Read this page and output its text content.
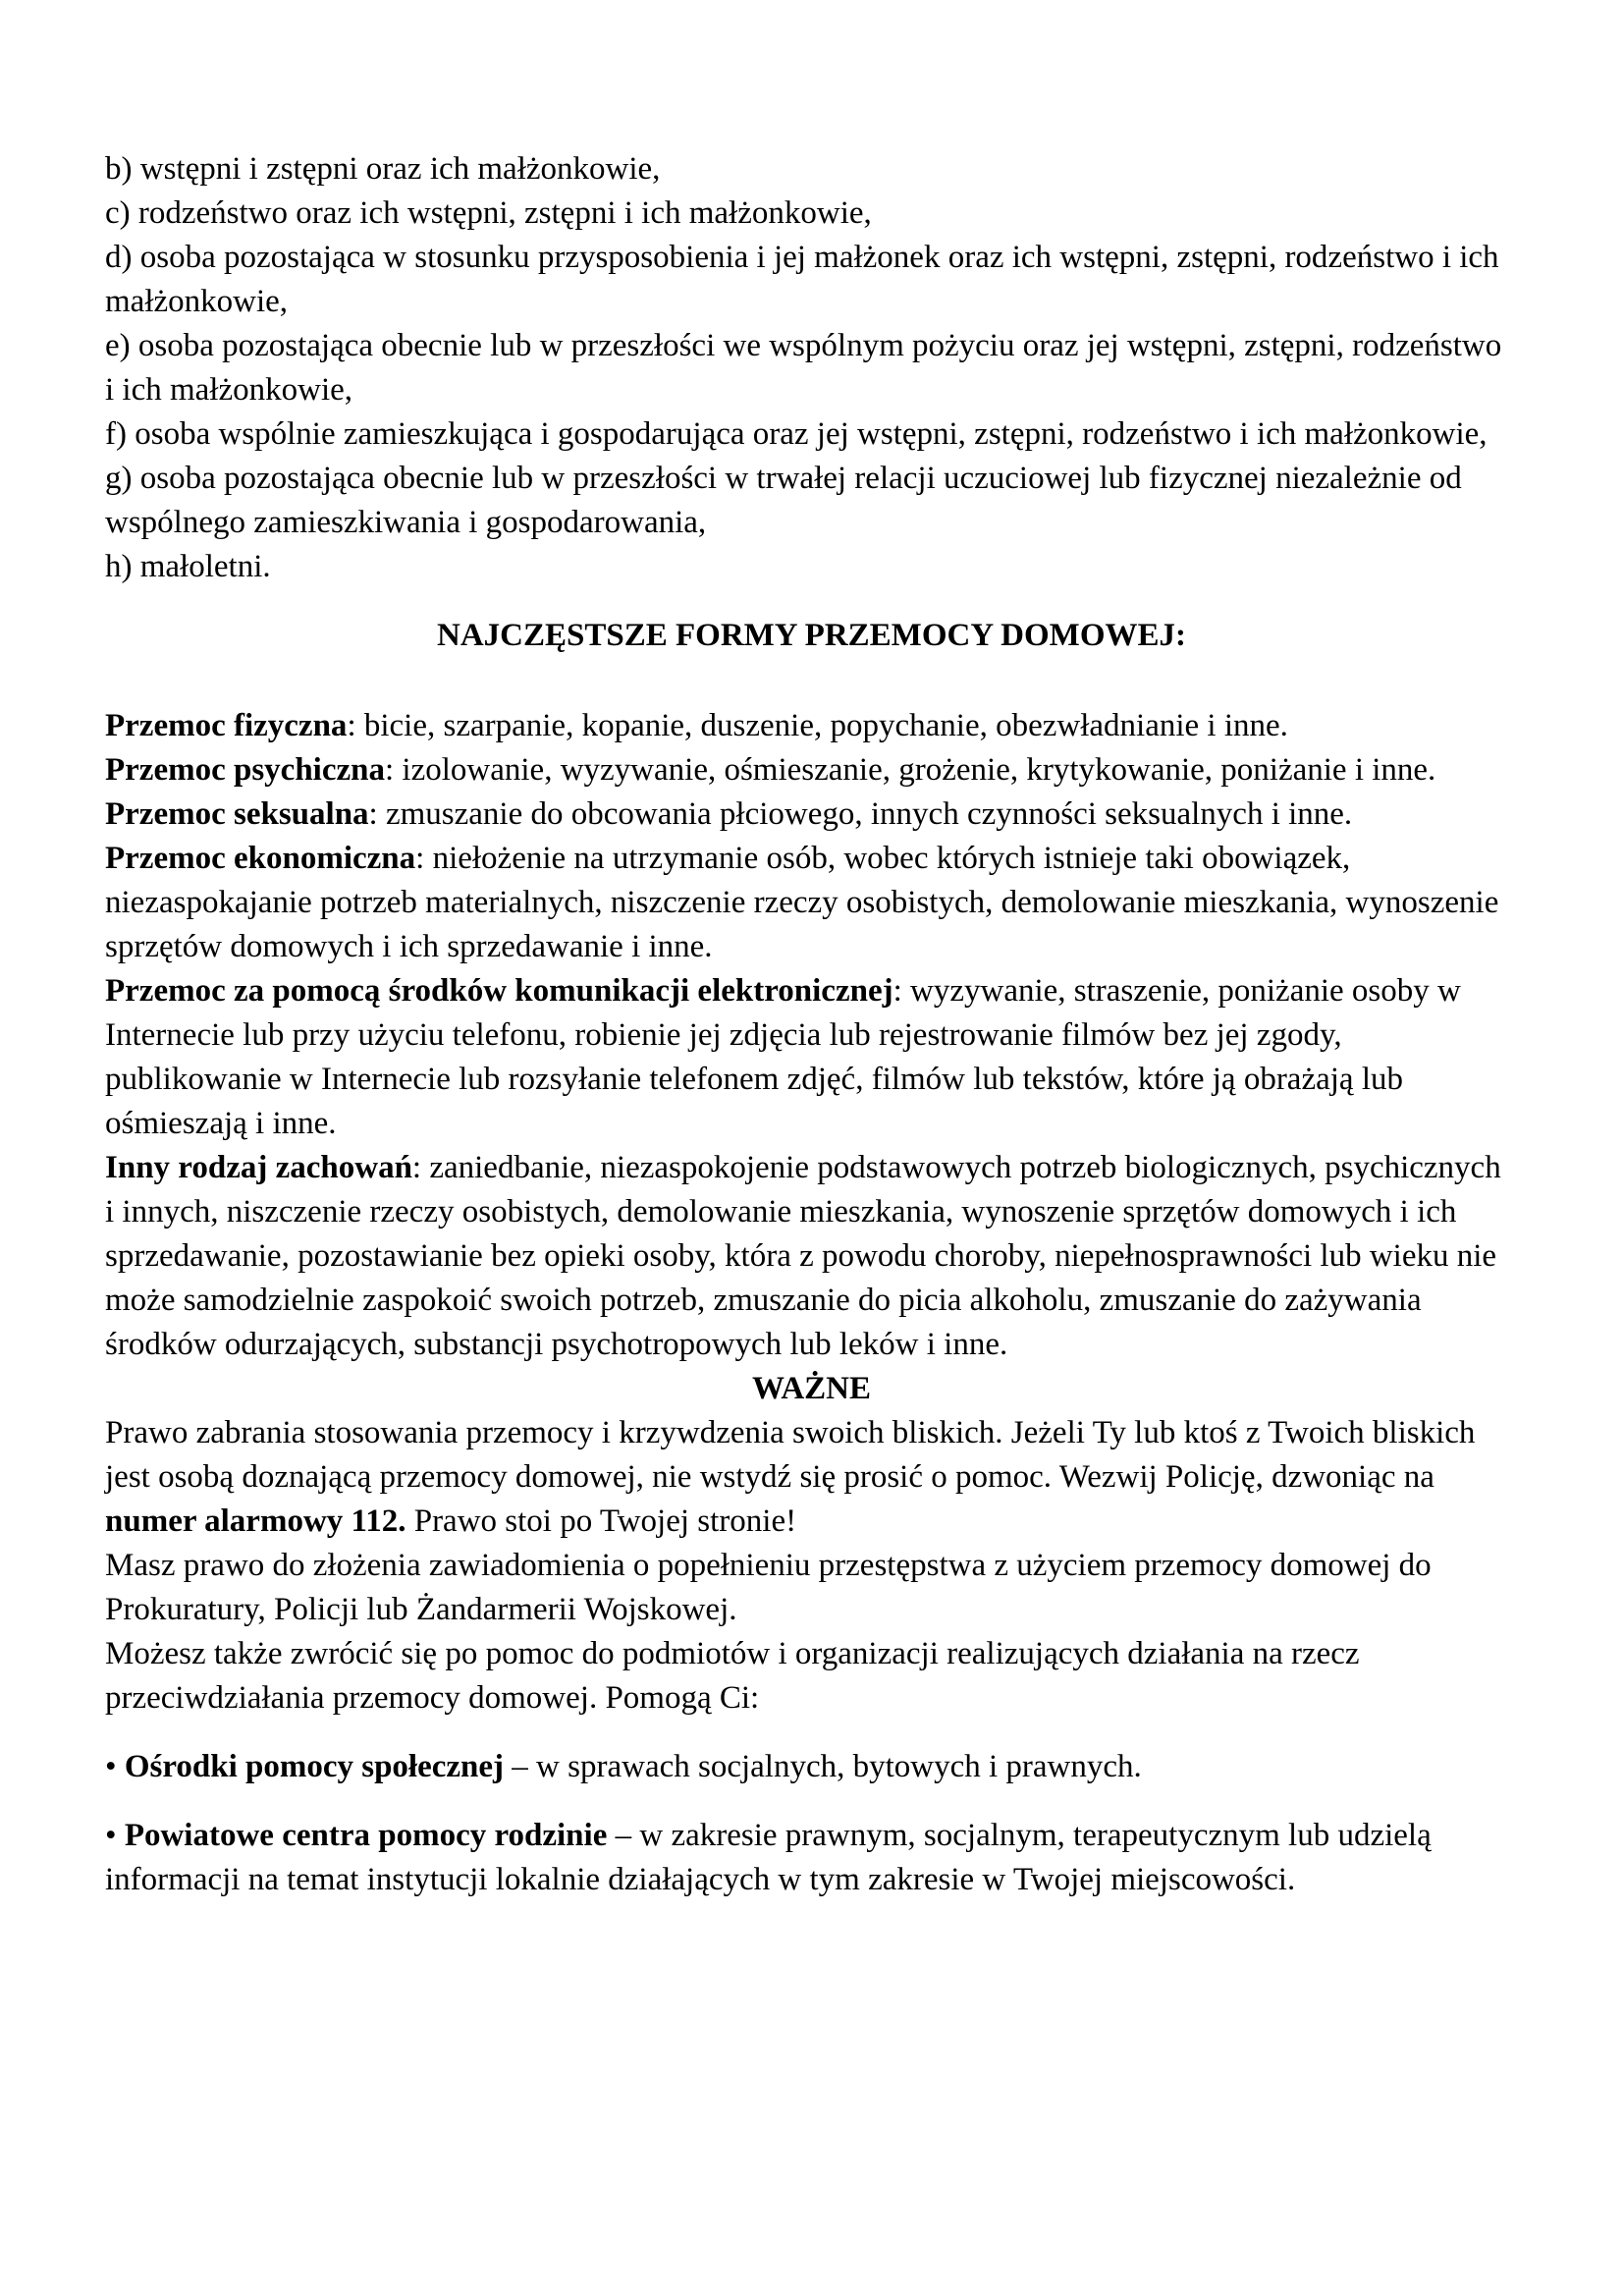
b) wstępni i zstępni oraz ich małżonkowie,

c) rodzeństwo oraz ich wstępni, zstępni i ich małżonkowie,

d) osoba pozostająca w stosunku przysposobienia i jej małżonek oraz ich wstępni, zstępni, rodzeństwo i ich małżonkowie,

e) osoba pozostająca obecnie lub w przeszłości we wspólnym pożyciu oraz jej wstępni, zstępni, rodzeństwo i ich małżonkowie,

f) osoba wspólnie zamieszkująca i gospodarująca oraz jej wstępni, zstępni, rodzeństwo i ich małżonkowie,

g) osoba pozostająca obecnie lub w przeszłości w trwałej relacji uczuciowej lub fizycznej niezależnie od wspólnego zamieszkiwania i gospodarowania,

h) małoletni.

NAJCZĘSTSZE FORMY PRZEMOCY DOMOWEJ:

Przemoc fizyczna: bicie, szarpanie, kopanie, duszenie, popychanie, obezwładnianie i inne.

Przemoc psychiczna: izolowanie, wyzywanie, ośmieszanie, grożenie, krytykowanie, poniżanie i inne.

Przemoc seksualna: zmuszanie do obcowania płciowego, innych czynności seksualnych i inne.

Przemoc ekonomiczna: niełożenie na utrzymanie osób, wobec których istnieje taki obowiązek, niezaspokajanie potrzeb materialnych, niszczenie rzeczy osobistych, demolowanie mieszkania, wynoszenie sprzętów domowych i ich sprzedawanie i inne.

Przemoc za pomocą środków komunikacji elektronicznej: wyzywanie, straszenie, poniżanie osoby w Internecie lub przy użyciu telefonu, robienie jej zdjęcia lub rejestrowanie filmów bez jej zgody, publikowanie w Internecie lub rozsyłanie telefonem zdjęć, filmów lub tekstów, które ją obrażają lub ośmieszają i inne.

Inny rodzaj zachowań: zaniedbanie, niezaspokojenie podstawowych potrzeb biologicznych, psychicznych i innych, niszczenie rzeczy osobistych, demolowanie mieszkania, wynoszenie sprzętów domowych i ich sprzedawanie, pozostawianie bez opieki osoby, która z powodu choroby, niepełnosprawności lub wieku nie może samodzielnie zaspokoić swoich potrzeb, zmuszanie do picia alkoholu, zmuszanie do zażywania środków odurzających, substancji psychotropowych lub leków i inne.

WAŻNE

Prawo zabrania stosowania przemocy i krzywdzenia swoich bliskich. Jeżeli Ty lub ktoś z Twoich bliskich jest osobą doznającą przemocy domowej, nie wstydź się prosić o pomoc. Wezwij Policję, dzwoniąc na numer alarmowy 112. Prawo stoi po Twojej stronie!

Masz prawo do złożenia zawiadomienia o popełnieniu przestępstwa z użyciem przemocy domowej do Prokuratury, Policji lub Żandarmerii Wojskowej.

Możesz także zwrócić się po pomoc do podmiotów i organizacji realizujących działania na rzecz przeciwdziałania przemocy domowej. Pomogą Ci:

• Ośrodki pomocy społecznej – w sprawach socjalnych, bytowych i prawnych.

• Powiatowe centra pomocy rodzinie – w zakresie prawnym, socjalnym, terapeutycznym lub udzielą informacji na temat instytucji lokalnie działających w tym zakresie w Twojej miejscowości.
